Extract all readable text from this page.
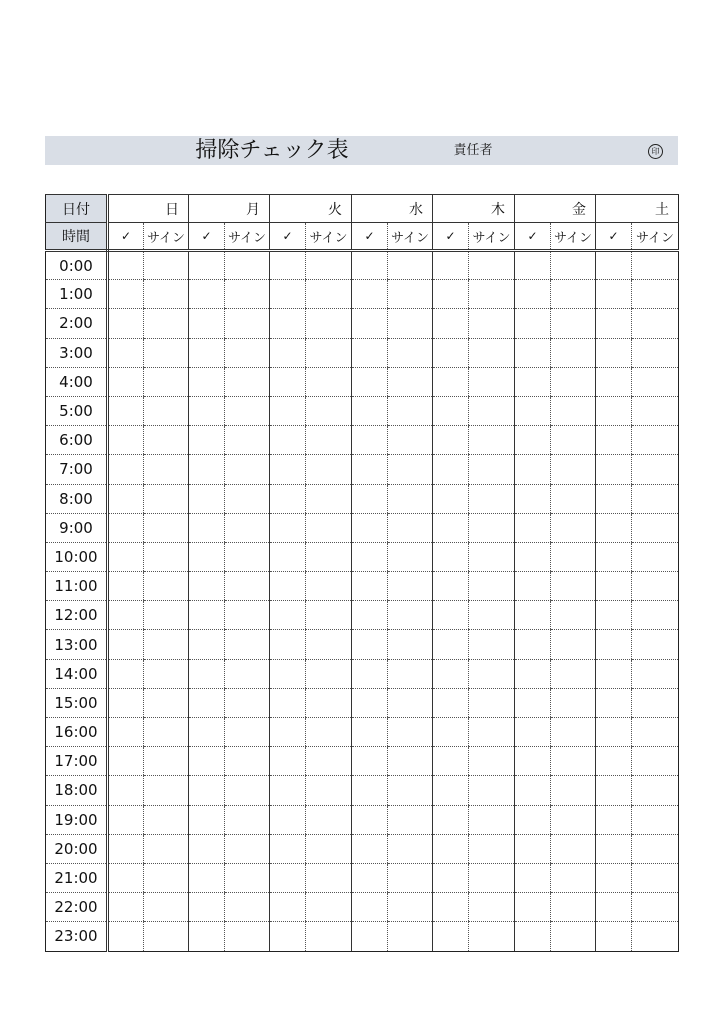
掃除チェック表	責任者	印
日付	日		月		火		水		木		金		土	
時間	✓	サイン	✓	サイン	✓	サイン	✓	サイン	✓	サイン	✓	サイン	✓	サイン
0:00														
1:00														
2:00														
3:00														
4:00														
5:00														
6:00														
7:00														
8:00														
9:00														
10:00														
11:00														
12:00														
13:00														
14:00														
15:00														
16:00														
17:00														
18:00														
19:00														
20:00														
21:00														
22:00														
23:00														
